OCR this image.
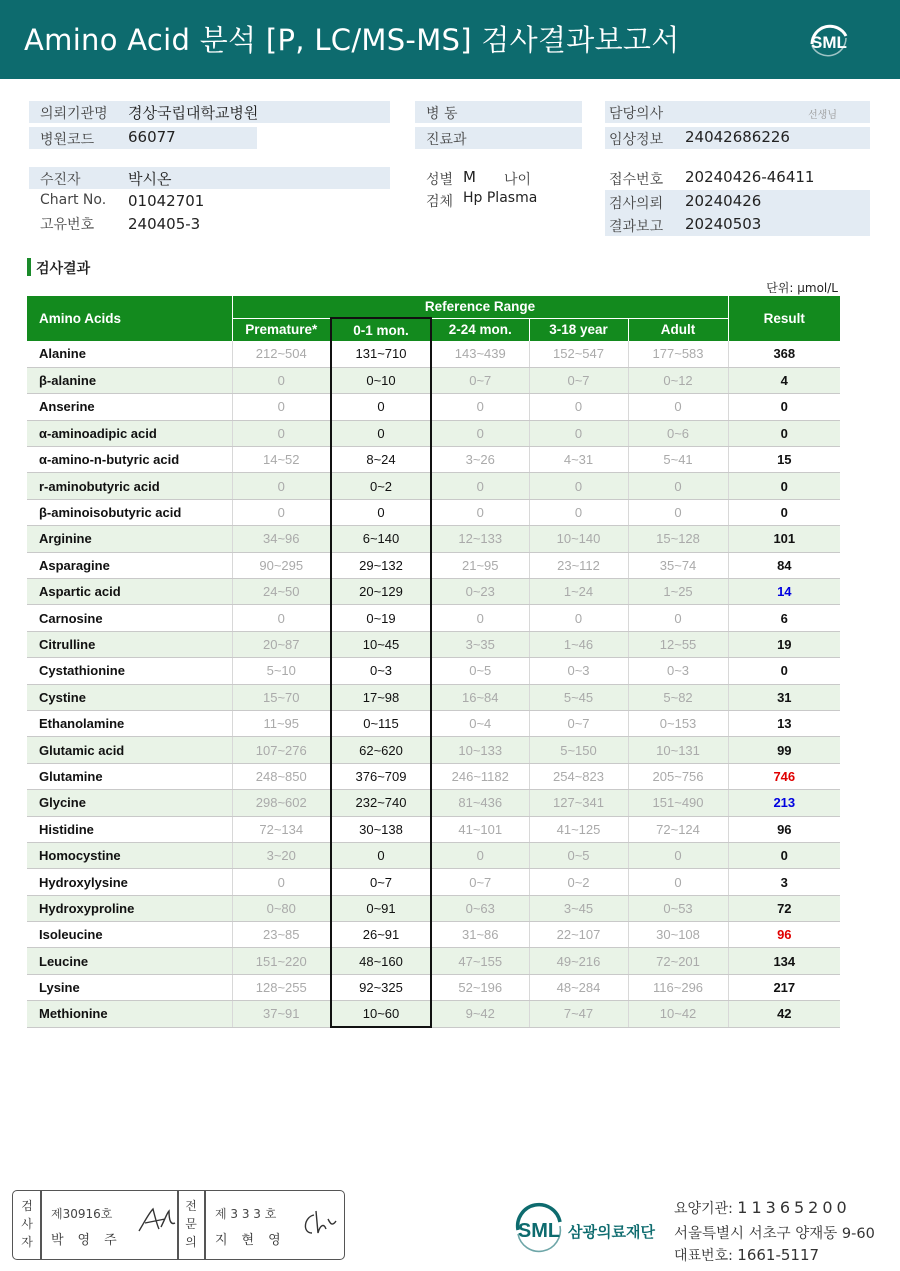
Amino Acid 분석 [P, LC/MS-MS] 검사결과보고서	SML
의뢰기관명 경상국립대학교병원
병원코드 66077
병 동
진료과
담당의사	선생님
임상정보 24042686226
수진자	박시온
Chart No. 01042701
고유번호 240405-3
성별 M 나이
검체 Hp Plasma
접수번호 20240426-46411
검사의뢰 20240426
결과보고 20240503
검사결과
단위: μmol/L
Amino Acids	Reference Range					Result
	Premature*	0-1 mon.	2-24 mon.	3-18 year	Adult	
Alanine	212~504	131~710	143~439	152~547	177~583	368
β-alanine	0	0~10	0~7	0~7	0~12	4
Anserine	0	0	0	0	0	0
α-aminoadipic acid	0	0	0	0	0~6	0
α-amino-n-butyric acid	14~52	8~24	3~26	4~31	5~41	15
r-aminobutyric acid	0	0~2	0	0	0	0
β-aminoisobutyric acid	0	0	0	0	0	0
Arginine	34~96	6~140	12~133	10~140	15~128	101
Asparagine	90~295	29~132	21~95	23~112	35~74	84
Aspartic acid	24~50	20~129	0~23	1~24	1~25	14
Carnosine	0	0~19	0	0	0	6
Citrulline	20~87	10~45	3~35	1~46	12~55	19
Cystathionine	5~10	0~3	0~5	0~3	0~3	0
Cystine	15~70	17~98	16~84	5~45	5~82	31
Ethanolamine	11~95	0~115	0~4	0~7	0~153	13
Glutamic acid	107~276	62~620	10~133	5~150	10~131	99
Glutamine	248~850	376~709	246~1182	254~823	205~756	746
Glycine	298~602	232~740	81~436	127~341	151~490	213
Histidine	72~134	30~138	41~101	41~125	72~124	96
Homocystine	3~20	0	0	0~5	0	0
Hydroxylysine	0	0~7	0~7	0~2	0	3
Hydroxyproline	0~80	0~91	0~63	3~45	0~53	72
Isoleucine	23~85	26~91	31~86	22~107	30~108	96
Leucine	151~220	48~160	47~155	49~216	72~201	134
Lysine	128~255	92~325	52~196	48~284	116~296	217
Methionine	37~91	10~60	9~42	7~47	10~42	42
검
사
자
제30916호
박영주
전
문
의
제 3 3 3 호
지현영	SML 삼광의료재단
요양기관: 11365200
서울특별시 서초구 양재동 9-60
대표번호: 1661-5117
